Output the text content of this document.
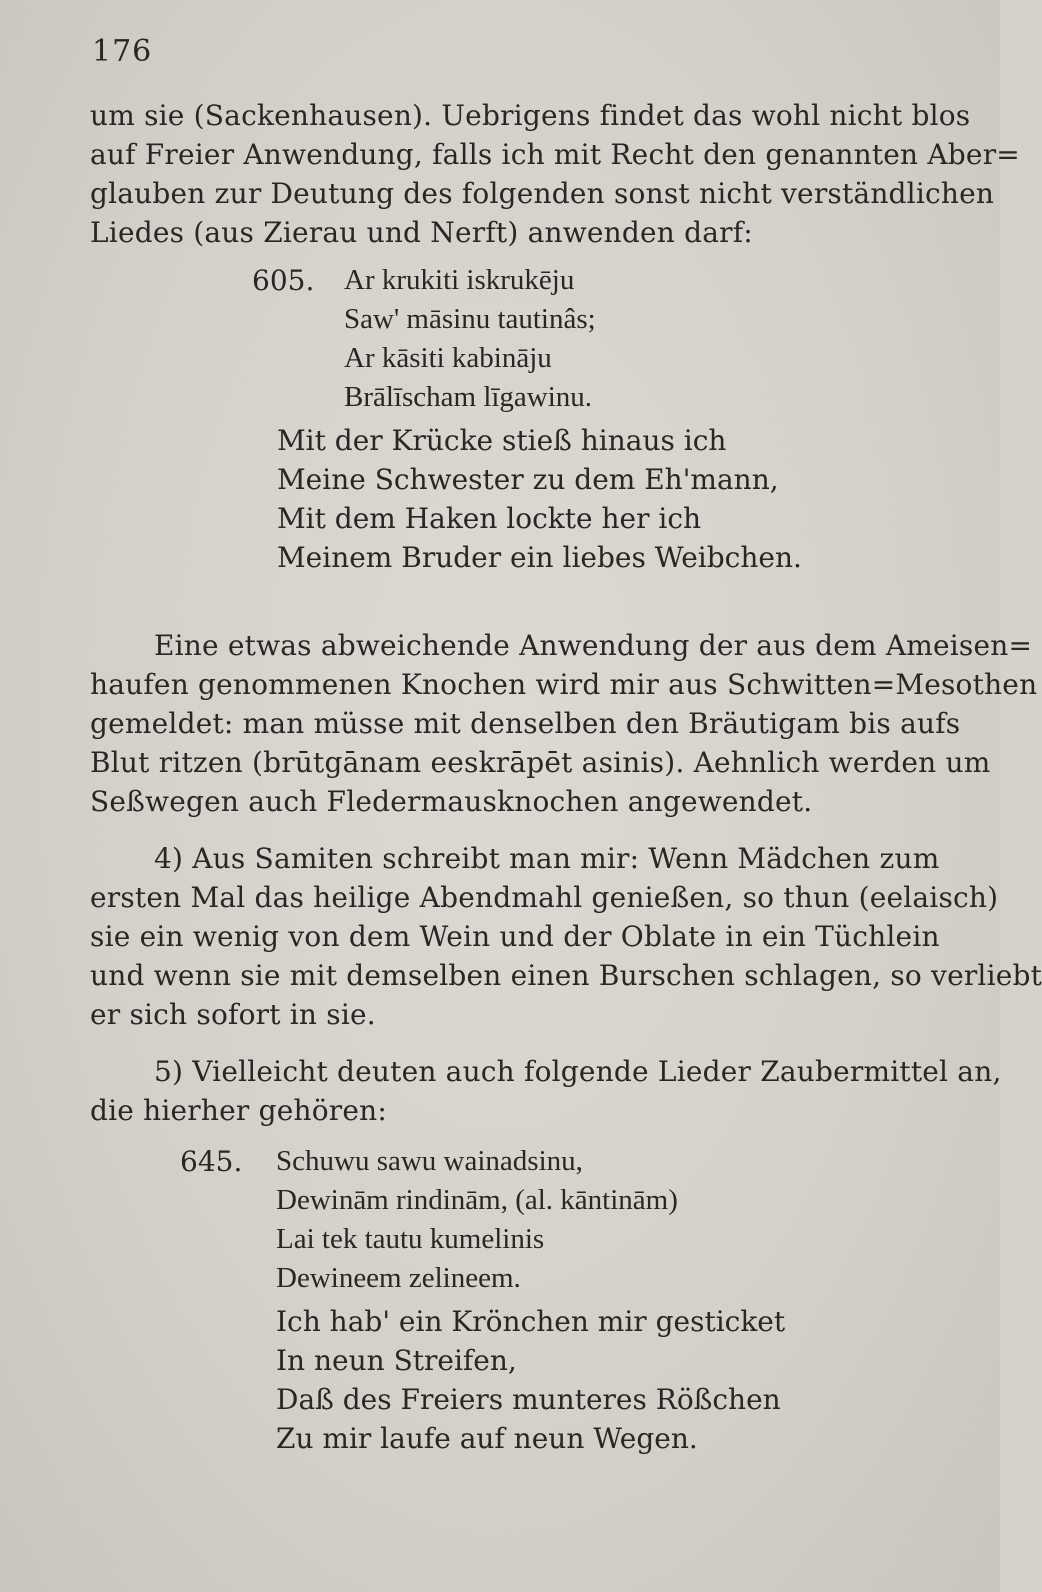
176
um sie (Sackenhausen). Uebrigens findet das wohl nicht blos
auf Freier Anwendung, falls ich mit Recht den genannten Aber=
glauben zur Deutung des folgenden sonst nicht verständlichen
Liedes (aus Zierau und Nerft) anwenden darf:
605. Ar krukiti iskrukēju
Saw' māsinu tautinâs;
Ar kāsiti kabināju
Brālīscham līgawinu.
Mit der Krücke stieß hinaus ich
Meine Schwester zu dem Eh'mann,
Mit dem Haken lockte her ich
Meinem Bruder ein liebes Weibchen.
Eine etwas abweichende Anwendung der aus dem Ameisen=
haufen genommenen Knochen wird mir aus Schwitten=Mesothen
gemeldet: man müsse mit denselben den Bräutigam bis aufs
Blut ritzen (brūtgānam eeskrāpēt asinis). Aehnlich werden um
Seßwegen auch Fledermausknochen angewendet.
4) Aus Samiten schreibt man mir: Wenn Mädchen zum
ersten Mal das heilige Abendmahl genießen, so thun (eelaisch)
sie ein wenig von dem Wein und der Oblate in ein Tüchlein
und wenn sie mit demselben einen Burschen schlagen, so verliebt
er sich sofort in sie.
5) Vielleicht deuten auch folgende Lieder Zaubermittel an,
die hierher gehören:
645. Schuwu sawu wainadsinu,
Dewinām rindinām, (al. kāntinām)
Lai tek tautu kumelinis
Dewineem zelineem.
Ich hab' ein Krönchen mir gesticket
In neun Streifen,
Daß des Freiers munteres Rößchen
Zu mir laufe auf neun Wegen.
